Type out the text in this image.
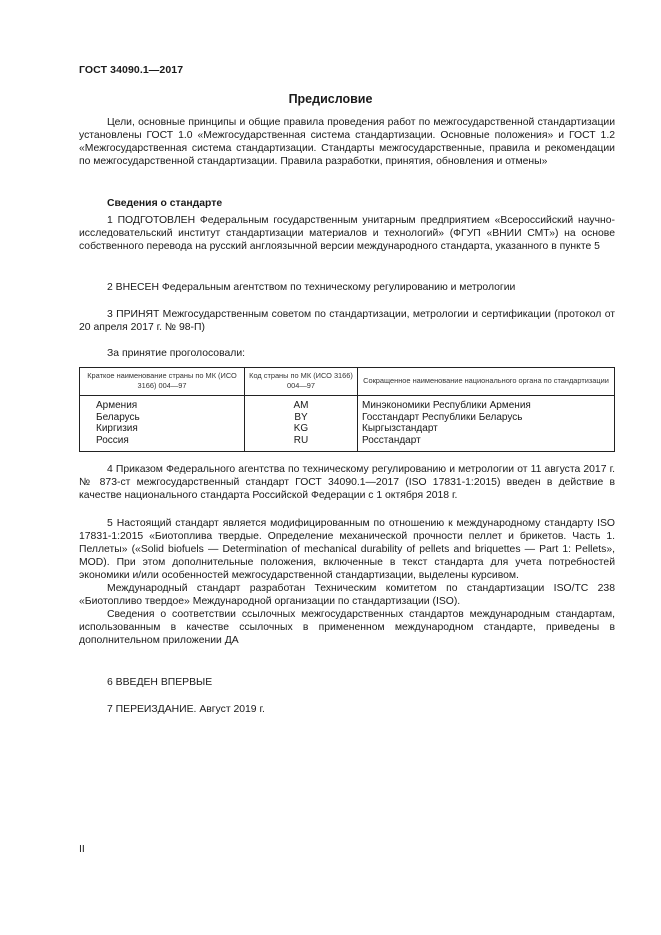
ГОСТ 34090.1—2017
Предисловие

Цели, основные принципы и общие правила проведения работ по межгосударственной стандартизации установлены ГОСТ 1.0 «Межгосударственная система стандартизации. Основные положения» и ГОСТ 1.2 «Межгосударственная система стандартизации. Стандарты межгосударственные, правила и рекомендации по межгосударственной стандартизации. Правила разработки, принятия, обновления и отмены»

Сведения о стандарте

1 ПОДГОТОВЛЕН Федеральным государственным унитарным предприятием «Всероссийский научно-исследовательский институт стандартизации материалов и технологий» (ФГУП «ВНИИ СМТ») на основе собственного перевода на русский англоязычной версии международного стандарта, указанного в пункте 5

2 ВНЕСЕН Федеральным агентством по техническому регулированию и метрологии

3 ПРИНЯТ Межгосударственным советом по стандартизации, метрологии и сертификации (протокол от 20 апреля 2017 г. № 98-П)

За принятие проголосовали:

Краткое наименование страны по МК (ИСО 3166) 004—97	Код страны по МК (ИСО 3166) 004—97	Сокращенное наименование национального органа по стандартизации
Армения	AM	Минэкономики Республики Армения
Беларусь	BY	Госстандарт Республики Беларусь
Киргизия	KG	Кыргызстандарт
Россия	RU	Росстандарт

4 Приказом Федерального агентства по техническому регулированию и метрологии от 11 августа 2017 г. № 873-ст межгосударственный стандарт ГОСТ 34090.1—2017 (ISO 17831-1:2015) введен в действие в качестве национального стандарта Российской Федерации с 1 октября 2018 г.

5 Настоящий стандарт является модифицированным по отношению к международному стандарту ISO 17831-1:2015 «Биотоплива твердые. Определение механической прочности пеллет и брикетов. Часть 1. Пеллеты» («Solid biofuels — Determination of mechanical durability of pellets and briquettes — Part 1: Pellets», MOD). При этом дополнительные положения, включенные в текст стандарта для учета потребностей экономики и/или особенностей межгосударственной стандартизации, выделены курсивом.

Международный стандарт разработан Техническим комитетом по стандартизации ISO/TC 238 «Биотопливо твердое» Международной организации по стандартизации (ISO).

Сведения о соответствии ссылочных межгосударственных стандартов международным стандартам, использованным в качестве ссылочных в примененном международном стандарте, приведены в дополнительном приложении ДА

6 ВВЕДЕН ВПЕРВЫЕ

7 ПЕРЕИЗДАНИЕ. Август 2019 г.

II
